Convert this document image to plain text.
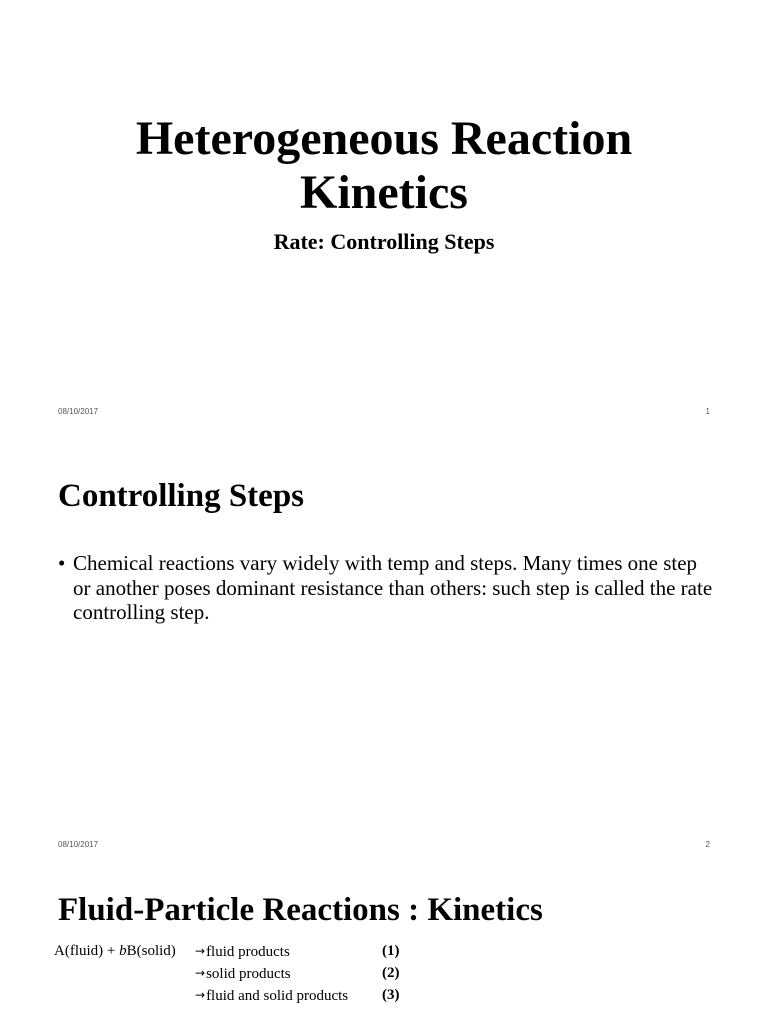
Heterogeneous Reaction
Kinetics
Rate: Controlling Steps
08/10/2017	1
Controlling Steps
• Chemical reactions vary widely with temp and steps. Many times one step or another poses dominant resistance than others: such step is called the rate controlling step.
08/10/2017	2
Fluid-Particle Reactions : Kinetics
A(fluid) + bB(solid) →fluid products	(1)
→solid products	(2)
→fluid and solid products (3)
